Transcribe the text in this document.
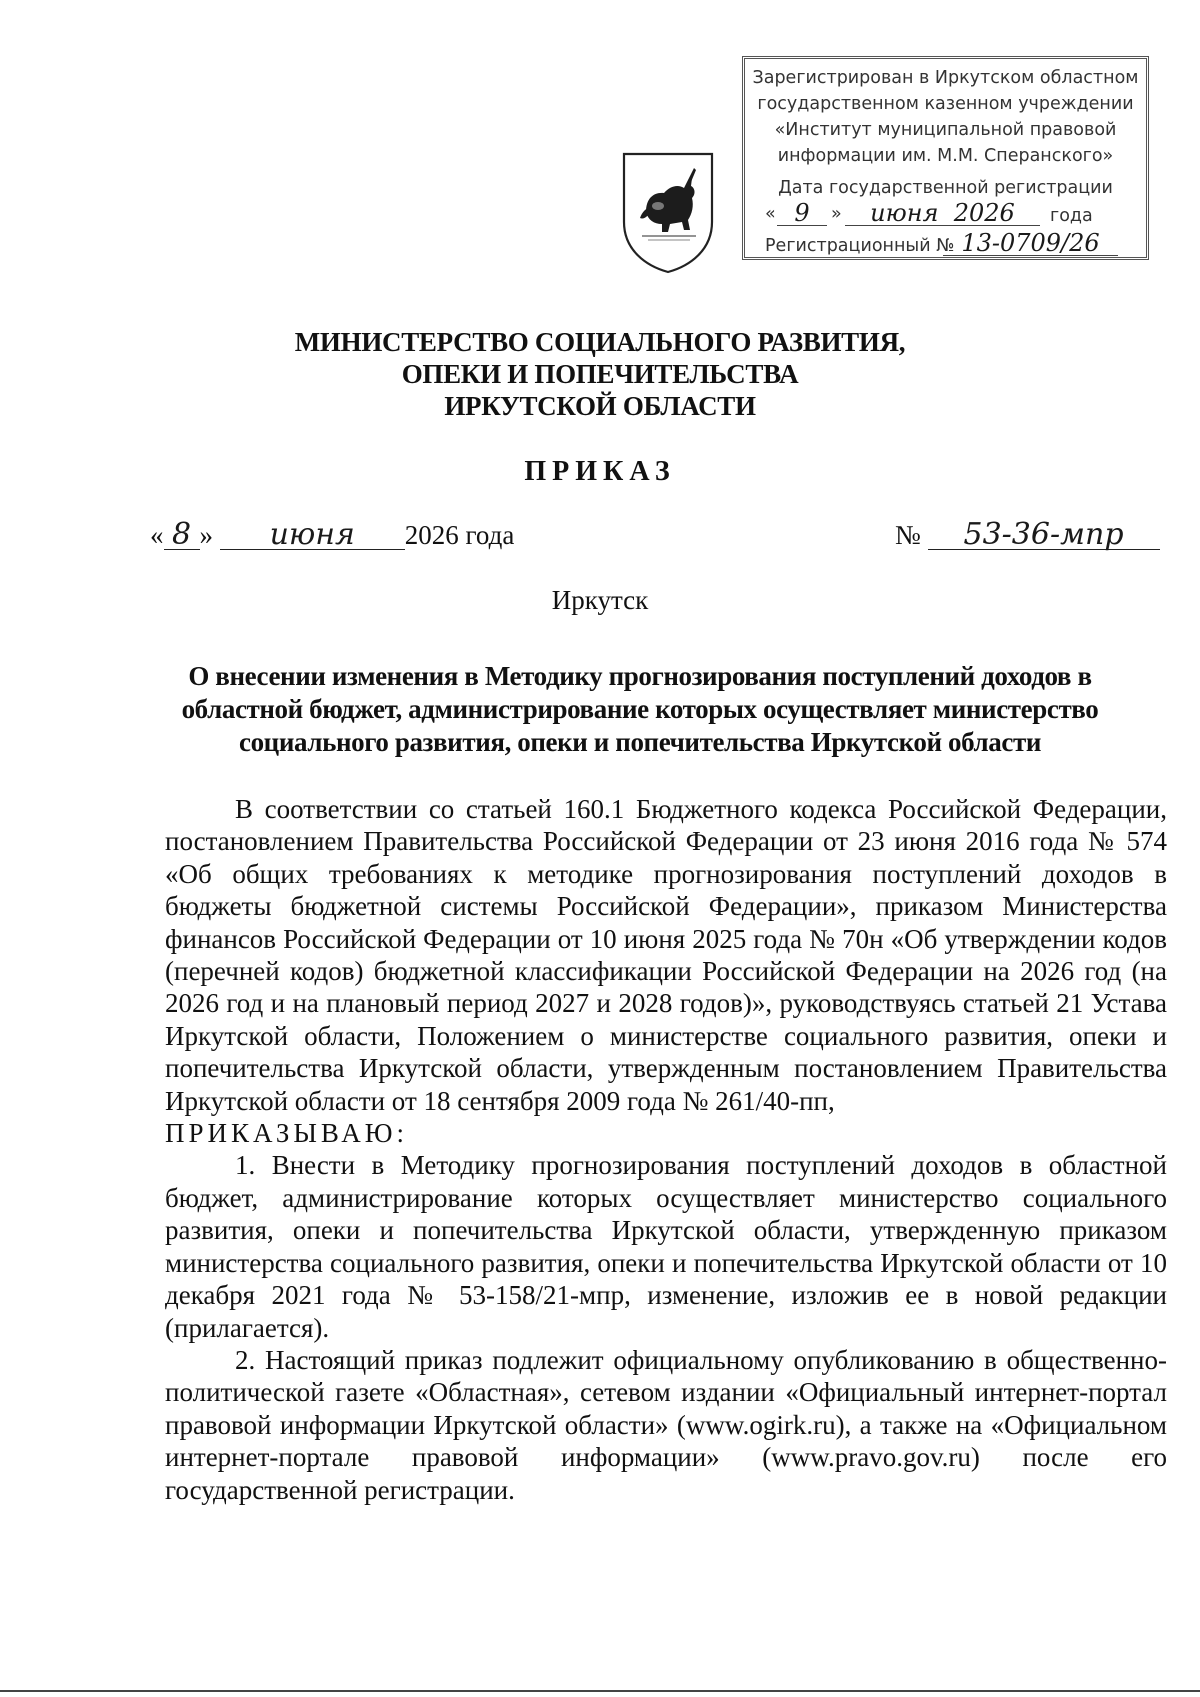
Зарегистрирован в Иркутском областном
государственном казенном учреждении
«Институт муниципальной правовой
информации им. М.М. Сперанского»
Дата государственной регистрации
« 9	»	июня 2026	года
Регистрационный № 13-0709/26
МИНИСТЕРСТВО СОЦИАЛЬНОГО РАЗВИТИЯ,
ОПЕКИ И ПОПЕЧИТЕЛЬСТВА
ИРКУТСКОЙ ОБЛАСТИ
ПРИКАЗ
« 8 » июня 2026 года	№ 53-36-мпр
Иркутск
О внесении изменения в Методику прогнозирования поступлений доходов в областной бюджет, администрирование которых осуществляет министерство социального развития, опеки и попечительства Иркутской области

В соответствии со статьей 160.1 Бюджетного кодекса Российской Федерации, постановлением Правительства Российской Федерации от 23 июня 2016 года № 574 «Об общих требованиях к методике прогнозирования поступлений доходов в бюджеты бюджетной системы Российской Федерации», приказом Министерства финансов Российской Федерации от 10 июня 2025 года № 70н «Об утверждении кодов (перечней кодов) бюджетной классификации Российской Федерации на 2026 год (на 2026 год и на плановый период 2027 и 2028 годов)», руководствуясь статьей 21 Устава Иркутской области, Положением о министерстве социального развития, опеки и попечительства Иркутской области, утвержденным постановлением Правительства Иркутской области от 18 сентября 2009 года № 261/40-пп,

ПРИКАЗЫВАЮ:

1. Внести в Методику прогнозирования поступлений доходов в областной бюджет, администрирование которых осуществляет министерство социального развития, опеки и попечительства Иркутской области, утвержденную приказом министерства социального развития, опеки и попечительства Иркутской области от 10 декабря 2021 года № 53-158/21-мпр, изменение, изложив ее в новой редакции (прилагается).

2. Настоящий приказ подлежит официальному опубликованию в общественно-политической газете «Областная», сетевом издании «Официальный интернет-портал правовой информации Иркутской области» (www.ogirk.ru), а также на «Официальном интернет-портале правовой информации» (www.pravo.gov.ru) после его государственной регистрации.
